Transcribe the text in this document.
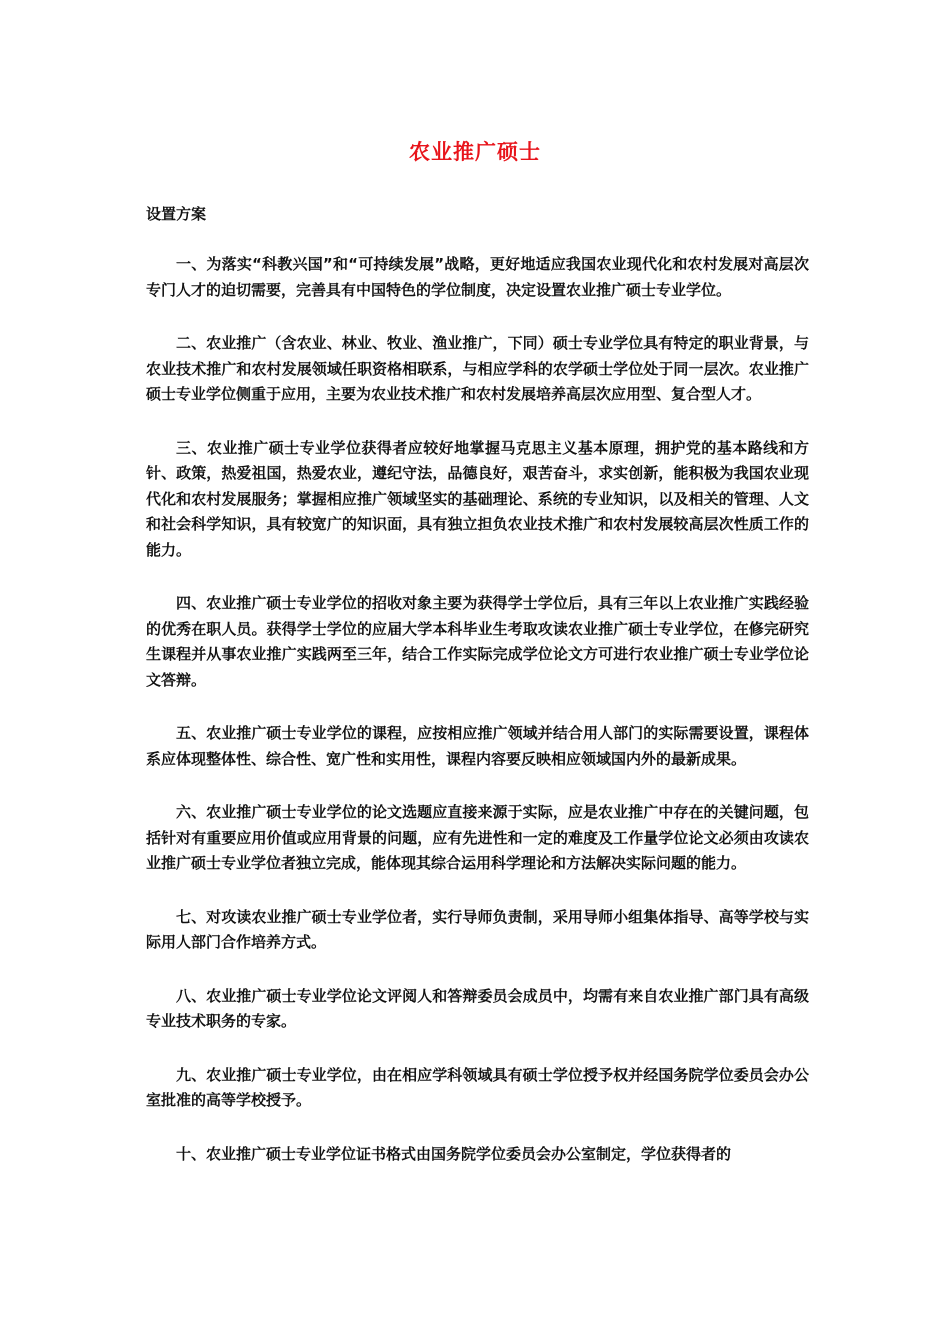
农业推广硕士

设置方案

一、为落实“科教兴国”和“可持续发展”战略，更好地适应我国农业现代化和农村发展对高层次专门人才的迫切需要，完善具有中国特色的学位制度，决定设置农业推广硕士专业学位。

二、农业推广（含农业、林业、牧业、渔业推广，下同）硕士专业学位具有特定的职业背景，与农业技术推广和农村发展领域任职资格相联系，与相应学科的农学硕士学位处于同一层次。农业推广硕士专业学位侧重于应用，主要为农业技术推广和农村发展培养高层次应用型、复合型人才。

三、农业推广硕士专业学位获得者应较好地掌握马克思主义基本原理，拥护党的基本路线和方针、政策，热爱祖国，热爱农业，遵纪守法，品德良好，艰苦奋斗，求实创新，能积极为我国农业现代化和农村发展服务；掌握相应推广领域坚实的基础理论、系统的专业知识，以及相关的管理、人文和社会科学知识，具有较宽广的知识面，具有独立担负农业技术推广和农村发展较高层次性质工作的能力。

四、农业推广硕士专业学位的招收对象主要为获得学士学位后，具有三年以上农业推广实践经验的优秀在职人员。获得学士学位的应届大学本科毕业生考取攻读农业推广硕士专业学位，在修完研究生课程并从事农业推广实践两至三年，结合工作实际完成学位论文方可进行农业推广硕士专业学位论文答辩。

五、农业推广硕士专业学位的课程，应按相应推广领域并结合用人部门的实际需要设置，课程体系应体现整体性、综合性、宽广性和实用性，课程内容要反映相应领域国内外的最新成果。

六、农业推广硕士专业学位的论文选题应直接来源于实际，应是农业推广中存在的关键问题，包括针对有重要应用价值或应用背景的问题，应有先进性和一定的难度及工作量学位论文必须由攻读农业推广硕士专业学位者独立完成，能体现其综合运用科学理论和方法解决实际问题的能力。

七、对攻读农业推广硕士专业学位者，实行导师负责制，采用导师小组集体指导、高等学校与实际用人部门合作培养方式。

八、农业推广硕士专业学位论文评阅人和答辩委员会成员中，均需有来自农业推广部门具有高级专业技术职务的专家。

九、农业推广硕士专业学位，由在相应学科领域具有硕士学位授予权并经国务院学位委员会办公室批准的高等学校授予。

十、农业推广硕士专业学位证书格式由国务院学位委员会办公室制定，学位获得者的
